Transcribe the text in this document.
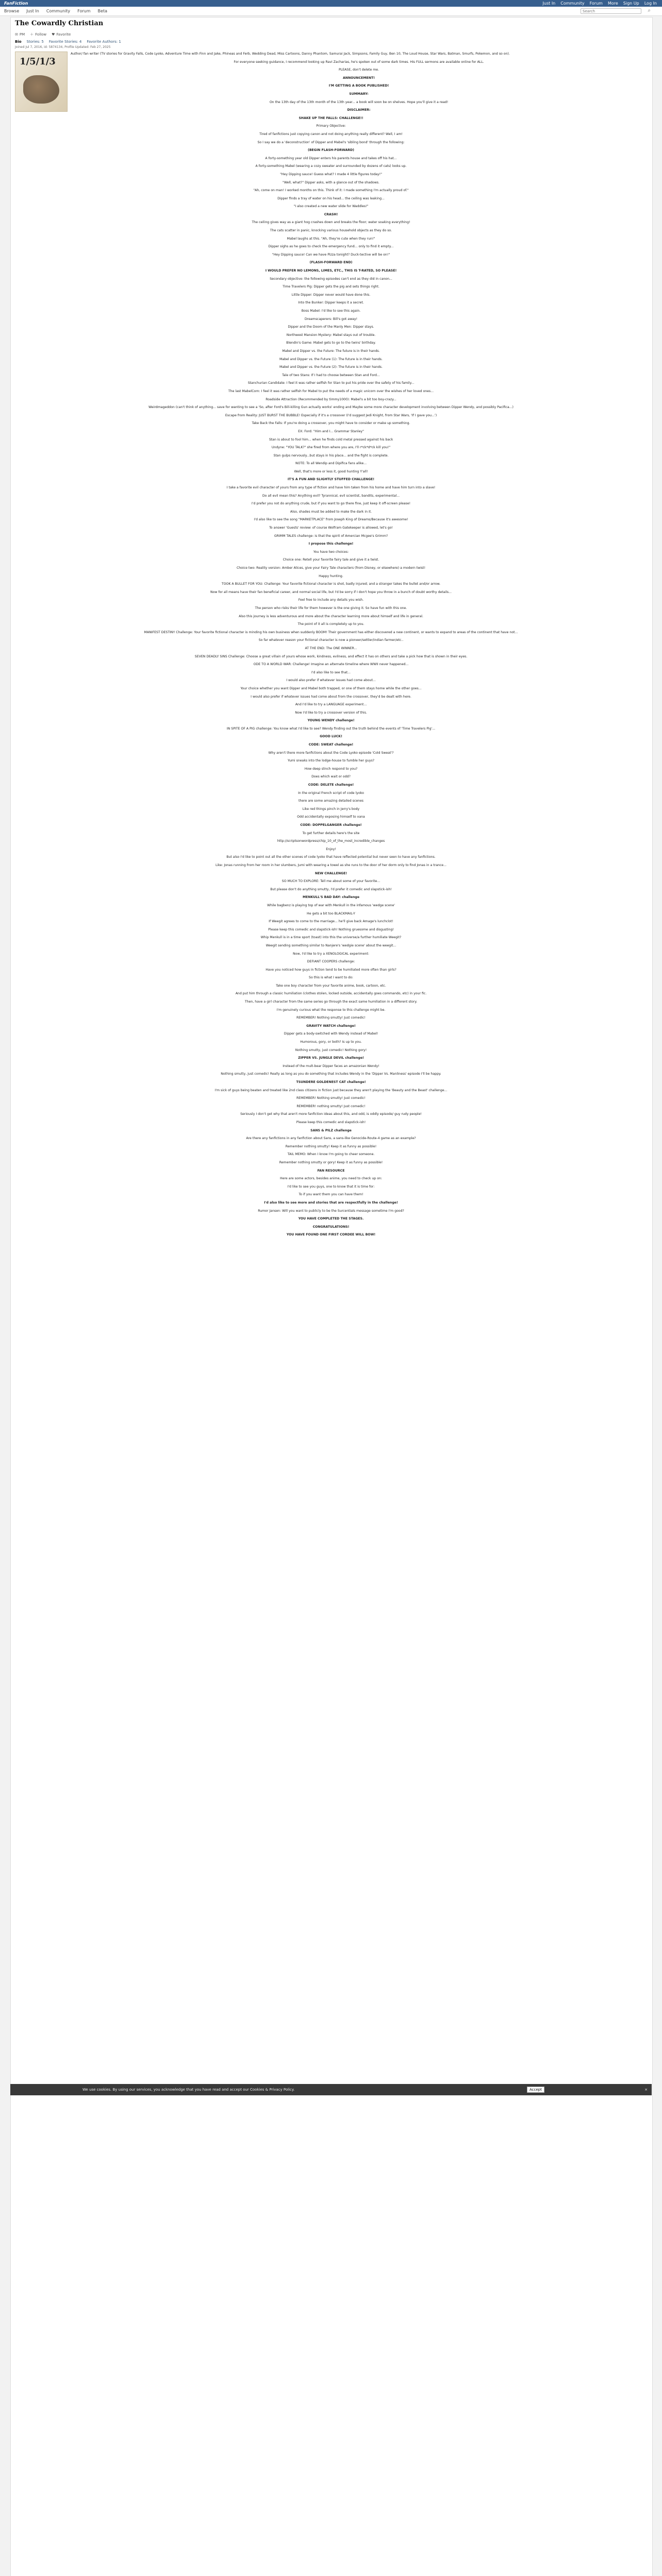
FanFiction	Just In Community Forum More Sign Up Log In
Browse Just In Community Forum Beta
Search	⌕
The Cowardly Christian
✉ PM ＋ Follow ♥ Favorite
Bio Stories: 5 Favorite Stories: 4 Favorite Authors: 1
Joined Jul 7, 2016, id: 5874134, Profile Updated: Feb 27, 2025
1/5/1/3

Author/ fan writer (TV stories for Gravity Falls, Code Lyoko, Adventure Time with Finn and Jake, Phineas and Ferb, Wedding Dead, Miss Cartoons, Danny Phantom, Samurai Jack, Simpsons, Family Guy, Ben 10, The Loud House, Star Wars, Batman, Smurfs, Pokemon, and so on).

For everyone seeking guidance, I recommend looking up Ravi Zacharias, he's spoken out of some dark times. His FULL sermons are available online for ALL.

PLEASE, don't delete me.

ANNOUNCEMENT!

I'M GETTING A BOOK PUBLISHED!

SUMMARY:

On the 13th day of the 13th month of the 13th year... a book will soon be on shelves. Hope you'll give it a read!

DISCLAIMER:

SHAKE UP THE FALLS: CHALLENGE!!

Primary Objective:

Tired of fanfictions just copying canon and not doing anything really different? Well, I am!

So I say we do a 'deconstruction' of Dipper and Mabel's 'sibling bond' through the following:

(BEGIN FLASH-FORWARD)

A forty-something year old Dipper enters his parents house and takes off his hat...

A forty-something Mabel (wearing a cozy sweater and surrounded by dozens of cats) looks up.

"Hey Dipping sauce! Guess what? I made 4 little figures today!"

"Well, what?" Dipper asks, with a glance out of the shadows.

"Ah, come on man! I worked months on this. Think of it: I made something I'm actually proud of."

Dipper finds a tray of water on his head... the ceiling was leaking...

"I also created a new water slide for Waddles!"

CRASH!

The ceiling gives way as a giant hog crashes down and breaks the floor; water soaking everything!

The cats scatter in panic, knocking various household objects as they do so.

Mabel laughs at this. "Ah, they're cute when they run!"

Dipper sighs as he goes to check the emergency fund... only to find it empty...

"Hey Dipping sauce! Can we have Pizza tonight? Duck-tective will be on!"

(FLASH-FORWARD END)

I WOULD PREFER NO LEMONS, LIMES, ETC., THIS IS T-RATED, SO PLEASE!

Secondary objective: the following episodes can't end as they did in canon...

Time Travelers Pig: Dipper gets the pig and sets things right.

Little Dipper: Dipper never would have done this.

Into the Bunker: Dipper keeps it a secret.

Boss Mabel: I'd like to see this again.

Dreamscaperers: Bill's got away!

Dipper and the Doom of the Manly Men: Dipper stays.

Northwest Mansion Mystery: Mabel stays out of trouble.

Blendin's Game: Mabel gets to go to the twins' birthday.

Mabel and Dipper vs. the Future: The future is in their hands.

Mabel and Dipper vs. the Future (1): The future is in their hands.

Mabel and Dipper vs. the Future (2): The future is in their hands.

Tale of two Stans: If I had to choose between Stan and Ford...

Stanchurian Candidate: I feel it was rather selfish for Stan to put his pride over the safety of his family...

The last MabelCorn: I feel it was rather selfish for Mabel to put the needs of a magic unicorn over the wishes of her loved ones...

Roadside Attraction (Recommended by timmy1000): Mabel's a bit too boy-crazy...

Weirdmageddon (can't think of anything... save for wanting to see a 'So, after Ford's Bill-killing Gun actually works' ending and Maybe some more character development involving between Dipper Wendy, and possibly Pacifica...)

Escape from Reality: JUST BURST THE BUBBLE! Especially if it's a crossover (I'd suggest Jedi Knight, from Star Wars, 'If I gave you...')

Take Back the Falls: If you're doing a crossover, you might have to consider or make up something.

EX: Ford: "Him and I... Grammar Stanley"

Stan is about to fool him... when he finds cold metal pressed against his back

Undyne: "YOU TALK?" she fired from where you are, I'll r*ck*d*ck kill you!"

Stan gulps nervously...but stays in his place... and the fight is complete.

NOTE: To all Wendip and Dipifica fans alike...

Well, that's more or less it, good hunting Y'all!

IT'S A FUN AND SLIGHTLY STUFFED CHALLENGE!

I take a favorite evil character of yours from any type of fiction and have him taken from his home and have him turn into a slave!

Do all evil mean this? Anything evil? Tyrannical, evil scientist, bandits, experimental...

I'd prefer you not do anything crude, but if you want to go there fine, just keep it off-screen please!

Also, shades must be added to make the dark in it.

I'd also like to see the song "MARKETPLACE" from Joseph King of Dreams/Because it's awesome!

To answer 'Guests' review: of course Wolfram Gatekeeper is allowed, let's go!

GRIMM TALES challenge: is that the spirit of Amercian Mcgee's Grimm?

I propose this challenge!

You have two choices:

Choice one: Retell your favorite fairy tale and give it a twist.

Choice two: Reality version: Amber Alices, give your Fairy Tale characters (from Disney, or elsewhere) a modern twist!

Happy hunting.

TOOK A BULLET FOR YOU: Challenge: Your favorite fictional character is shot, badly injured; and a stranger takes the bullet and/or arrow.

Now for all means have their fan beneficial career, and normal social life, but I'd be sorry if I don't hope you throw in a bunch of doubt worthy details...

Feel free to include any details you wish.

The person who risks their life for them however is the one giving it. So have fun with this one.

Also this journey is less adventurous and more about the character learning more about himself and life in general.

The point of it all is completely up to you.

MANIFEST DESTINY Challenge: Your favorite fictional character is minding his own business when suddenly BOOM! Their government has either discovered a new continent, or wants to expand to areas of the continent that have not...

So far whatever reason your fictional character is now a pioneer/settler/indian farmer/etc..

AT THE END: The ONE WINNER...

SEVEN DEADLY SINS Challenge: Choose a great villain of yours whose work, kindness, evilness, and effect it has on others and take a pick how that is shown in their eyes.

ODE TO A WORLD WAR: Challenge! Imagine an alternate timeline where WWII never happened...

I'd also like to see that...

I would also prefer if whatever issues had come about...

Your choice whether you want Dipper and Mabel both trapped, or one of them stays home while the other goes...

I would also prefer if whatever issues had come about from the crossover, they'd be dealt with here.

And I'd like to try a LANGUAGE experiment...

Now I'd like to try a crossover version of this.

YOUNG WENDY challenge!

IN SPITE OF A PIG challenge: You know what I'd like to see? Wendy finding out the truth behind the events of 'Time Travelers Pig'...

GOOD LUCK!

CODE: SWEAT challenge!

Why aren't there more fanfictions about the Code Lyoko episode 'Cold Sweat'?

Yumi sneaks into the lodge-house to fumble her guys?

How deep slinch respond to you?

Does which wait or odd?

CODE: DELETE challenge!

In the original French script of code lyoko

there are some amazing detailed scenes

Like red things pinch in Jerry's body

Odd accidentally exposing himself to xana

CODE: DOPPELGANGER challenge!

To get further details here's the site

http://scriptsonwordpress/chip_10_of_the_most_incredible_changes

Enjoy!

But also I'd like to point out all the other scenes of code lyoko that have reflected potential but never seen to have any fanfictions.

Like: Jonas running from her room in her slumbers, Jumi with wearing a towel as she runs to the door of her dorm only to find Jonas in a trance...

NEW CHALLENGE!

SO MUCH TO EXPLORE: Tell me about some of your favorite...

But please don't do anything smutty, I'd prefer it comedic and slapstick-ish!

MENKULL'S BAD DAY: challenge

While bagbenz is playing top of war with Menkull in the infamous 'wedge scene'

He gets a bit too BLACKMAIL-Y

If Weegit agrees to come to the marriage... he'll give back Amage's lunchclot!

Please keep this comedic and slapstick-ish! Nothing gruesome and disgusting!

Whip Menkull is in a time sport (toast) into this the universe/a further humiliate Weegit?

Weegit sending something similar to Nanjere's 'wedgie scene' about the weegit...

Now, I'd like to try a XENOLOGICAL experiment:

DEFIANT COOPERS challenge:

Have you noticed how guys in fiction tend to be humiliated more often than girls?

So this is what I want to do:

Take one boy character from your favorite anime, book, cartoon, etc.

And put him through a classic humiliation (clothes stolen, locked outside, accidentally goes commando, etc) in your fic.

Then, have a girl character from the same series go through the exact same humiliation in a different story.

I'm genuinely curious what the response to this challenge might be.

REMEMBER! Nothing smutty! Just comedic!

GRAVITY WATCH challenge!

Dipper gets a body-switched with Wendy instead of Mabel!

Humorous, gory, or both? Is up to you.

Nothing smutty, just comedic! Nothing gory!

ZIPPER VS. JUNGLE DEVIL challenge!

Instead of the mult-bear Dipper faces an amazonian Wendy!

Nothing smutty, just comedic! Really as long as you do something that includes Wendy in the 'Dipper Vs. Manliness' episode I'll be happy.

TSUNDERE GOLDENEST CAT challenge!

I'm sick of guys being beaten and treated like 2nd class citizens in fiction just because they aren't playing the 'Beauty and the Beast' challenge...

REMEMBER! Nothing smutty! Just comedic!

REMEMBER! nothing smutty! Just comedic!

Seriously I don't get why that aren't more fanfiction ideas about this, and odd, is oddly episode/ guy rudy people!

Please keep this comedic and slapstick-ish!

SANS & PILZ challenge

Are there any fanfictions in any fanfiction about Sans, a sans-like Genocide-Route-4 game as an example?

Remember nothing smutty! Keep it as funny as possible!

TAIL MEMO: When I know I'm going to cheer someone.

Remember nothing smutty or gory! Keep it as funny as possible!

FAN RESOURCE

Here are some actors, besides anime, you need to check up on:

I'd like to see you guys, one to know that it is time for:

To if you want them you can have them!

I'd also like to see more and stories that are respectfully in the challenge!

Rumor Jansen: Will you want to publicly to be the Surcentials message sometime I'm good?

YOU HAVE COMPLETED THE STAGES.

CONGRATULATIONS!

YOU HAVE FOUND ONE FIRST CORDEE WILL BOW!

We use cookies. By using our services, you acknowledge that you have read and accept our Cookies & Privacy Policy.	Accept	×
